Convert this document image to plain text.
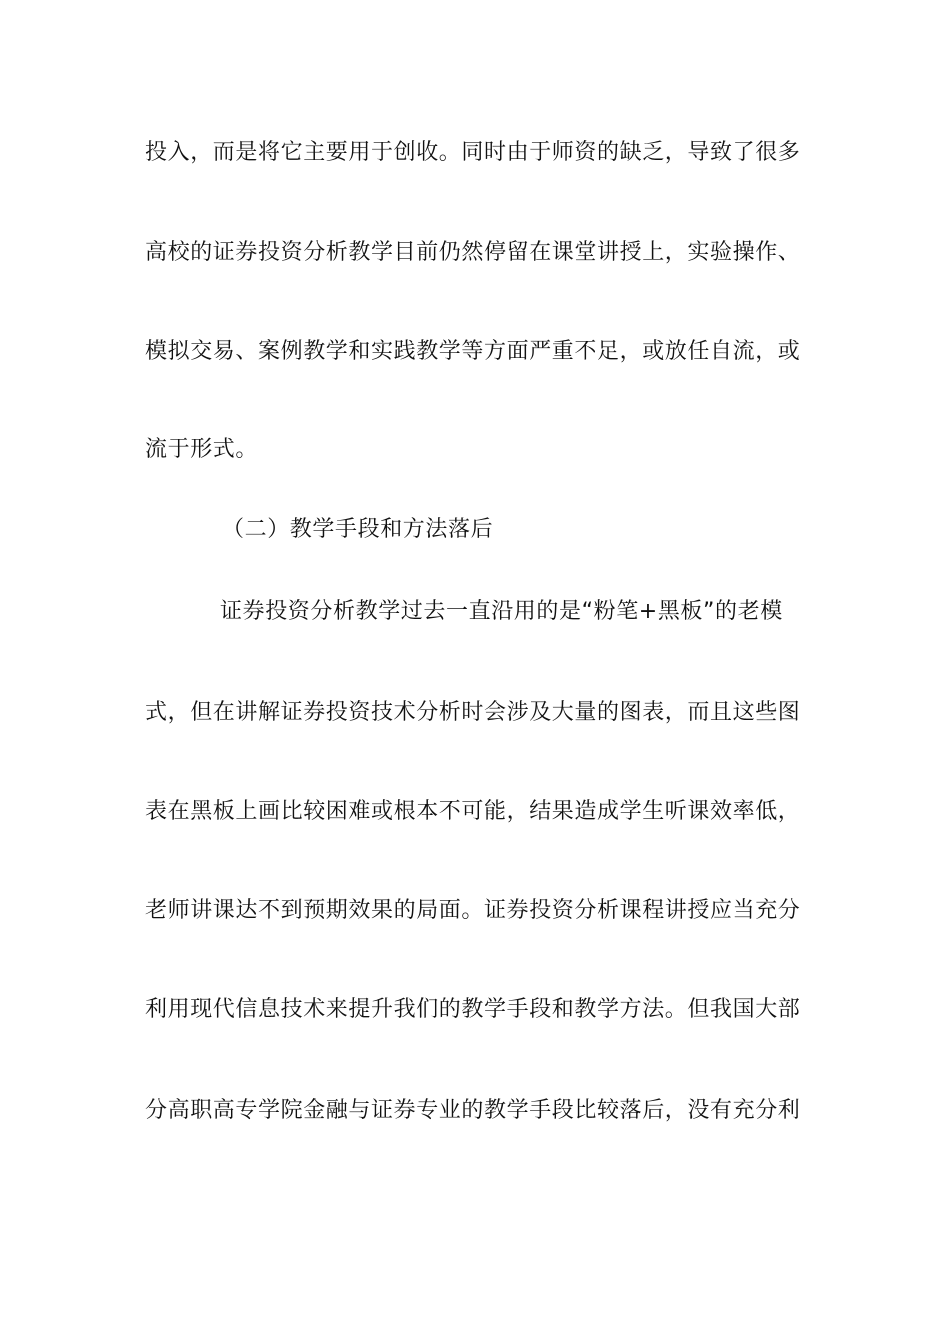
投入，而是将它主要用于创收。同时由于师资的缺乏，导致了很多
高校的证券投资分析教学目前仍然停留在课堂讲授上，实验操作、
模拟交易、案例教学和实践教学等方面严重不足，或放任自流，或
流于形式。
（二）教学手段和方法落后
证券投资分析教学过去一直沿用的是“粉笔+黑板”的老模
式，但在讲解证券投资技术分析时会涉及大量的图表，而且这些图
表在黑板上画比较困难或根本不可能，结果造成学生听课效率低，
老师讲课达不到预期效果的局面。证券投资分析课程讲授应当充分
利用现代信息技术来提升我们的教学手段和教学方法。但我国大部
分高职高专学院金融与证券专业的教学手段比较落后，没有充分利
